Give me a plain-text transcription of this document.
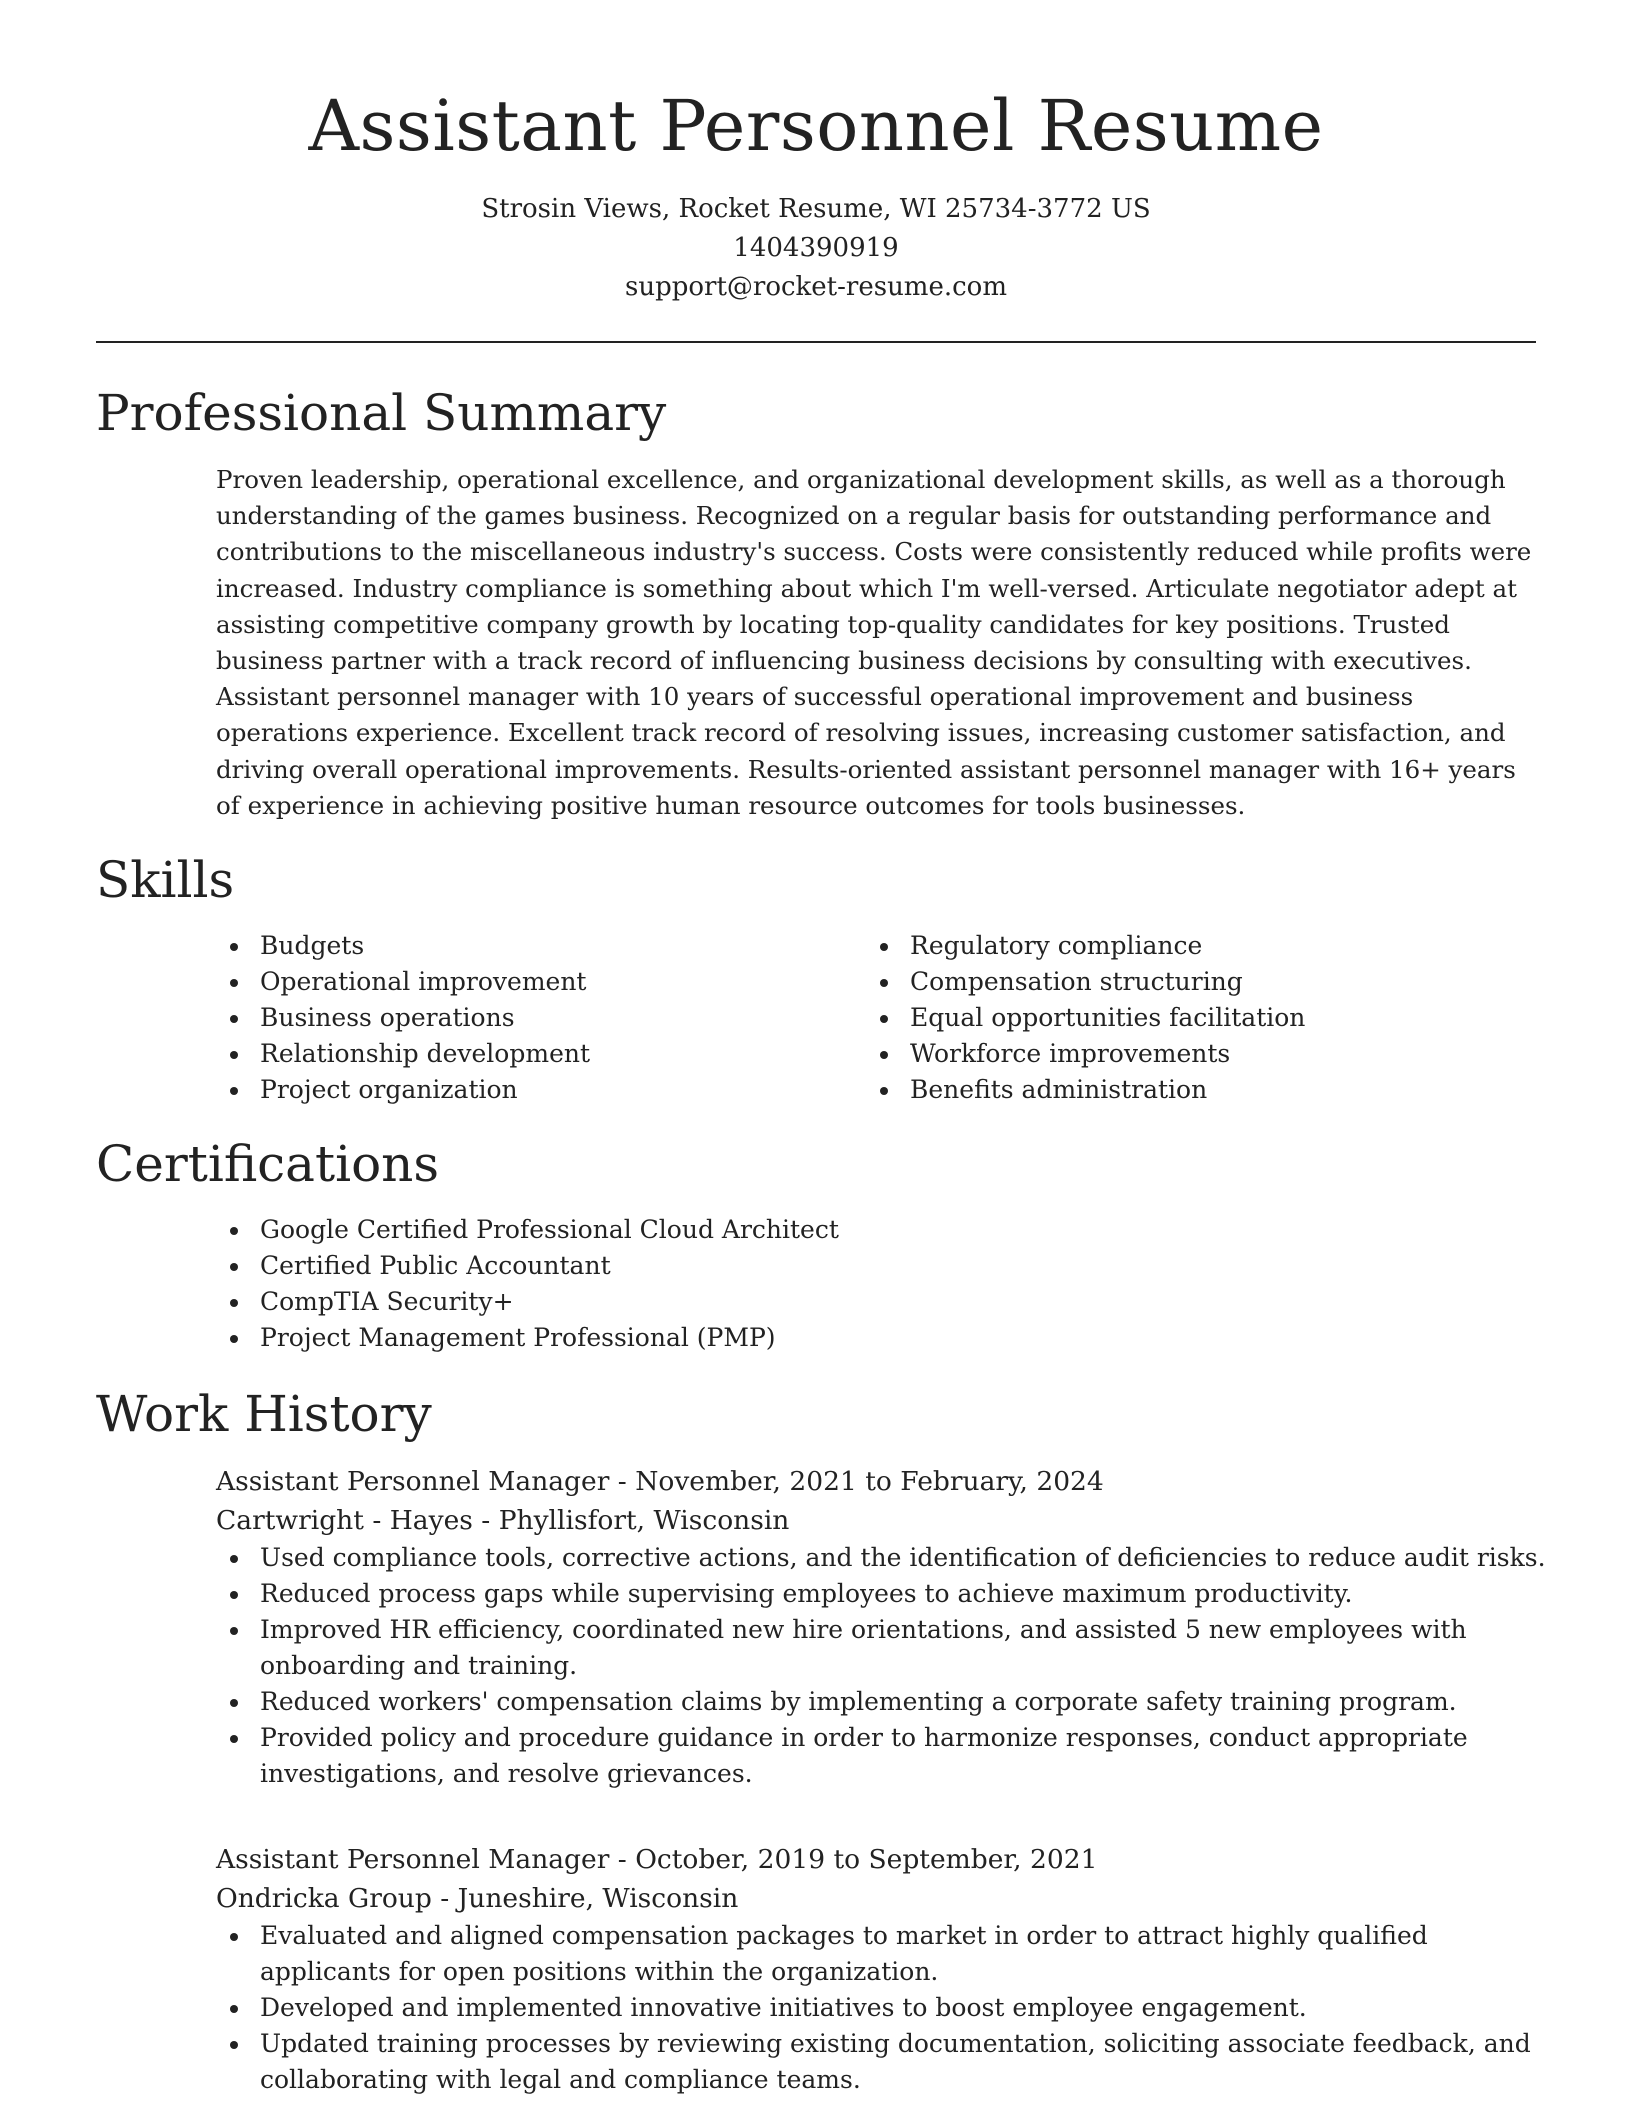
Assistant Personnel Resume
Strosin Views, Rocket Resume, WI 25734-3772 US
1404390919
support@rocket-resume.com
Professional Summary

Proven leadership, operational excellence, and organizational development skills, as well as a thorough understanding of the games business. Recognized on a regular basis for outstanding performance and contributions to the miscellaneous industry's success. Costs were consistently reduced while profits were increased. Industry compliance is something about which I'm well-versed. Articulate negotiator adept at assisting competitive company growth by locating top-quality candidates for key positions. Trusted business partner with a track record of influencing business decisions by consulting with executives. Assistant personnel manager with 10 years of successful operational improvement and business operations experience. Excellent track record of resolving issues, increasing customer satisfaction, and driving overall operational improvements. Results-oriented assistant personnel manager with 16+ years of experience in achieving positive human resource outcomes for tools businesses.

Skills
Budgets
Operational improvement
Business operations
Relationship development
Project organization
Regulatory compliance
Compensation structuring
Equal opportunities facilitation
Workforce improvements
Benefits administration
Certifications
Google Certified Professional Cloud Architect
Certified Public Accountant
CompTIA Security+
Project Management Professional (PMP)
Work History

Assistant Personnel Manager - November, 2021 to February, 2024

Cartwright - Hayes - Phyllisfort, Wisconsin

Used compliance tools, corrective actions, and the identification of deficiencies to reduce audit risks.
Reduced process gaps while supervising employees to achieve maximum productivity.
Improved HR efficiency, coordinated new hire orientations, and assisted 5 new employees with onboarding and training.
Reduced workers' compensation claims by implementing a corporate safety training program.
Provided policy and procedure guidance in order to harmonize responses, conduct appropriate investigations, and resolve grievances.

Assistant Personnel Manager - October, 2019 to September, 2021

Ondricka Group - Juneshire, Wisconsin

Evaluated and aligned compensation packages to market in order to attract highly qualified applicants for open positions within the organization.
Developed and implemented innovative initiatives to boost employee engagement.
Updated training processes by reviewing existing documentation, soliciting associate feedback, and collaborating with legal and compliance teams.
